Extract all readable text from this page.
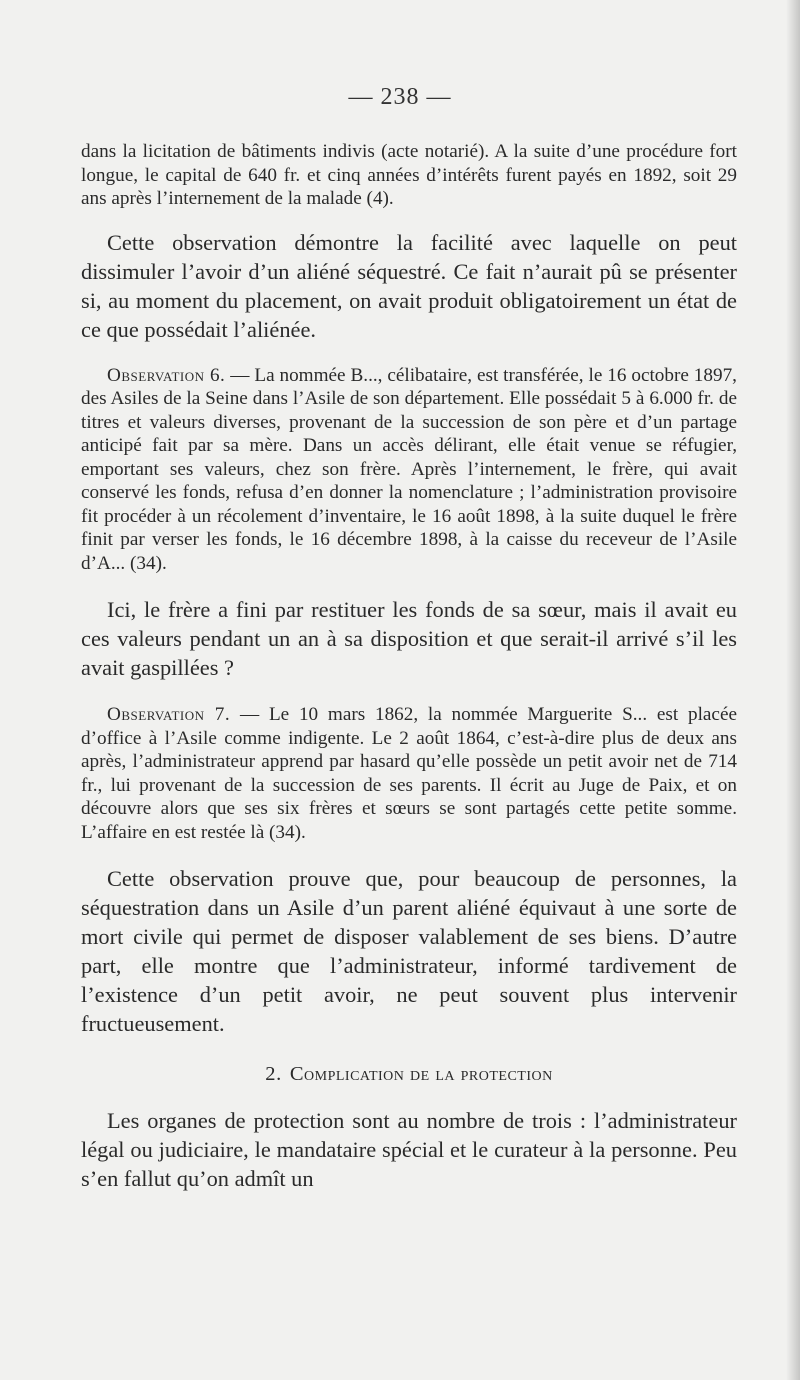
— 238 —

dans la licitation de bâtiments indivis (acte notarié). A la suite d’une procédure fort longue, le capital de 640 fr. et cinq années d’intérêts furent payés en 1892, soit 29 ans après l’internement de la malade (4).

Cette observation démontre la facilité avec laquelle on peut dissimuler l’avoir d’un aliéné séquestré. Ce fait n’aurait pû se présenter si, au moment du placement, on avait produit obligatoirement un état de ce que possédait l’aliénée.

Observation 6. — La nommée B..., célibataire, est transférée, le 16 octobre 1897, des Asiles de la Seine dans l’Asile de son département. Elle possédait 5 à 6.000 fr. de titres et valeurs diverses, provenant de la succession de son père et d’un partage anticipé fait par sa mère. Dans un accès délirant, elle était venue se réfugier, emportant ses valeurs, chez son frère. Après l’internement, le frère, qui avait conservé les fonds, refusa d’en donner la nomenclature ; l’administration provisoire fit procéder à un récolement d’inventaire, le 16 août 1898, à la suite duquel le frère finit par verser les fonds, le 16 décembre 1898, à la caisse du receveur de l’Asile d’A... (34).

Ici, le frère a fini par restituer les fonds de sa sœur, mais il avait eu ces valeurs pendant un an à sa disposition et que serait-il arrivé s’il les avait gaspillées ?

Observation 7. — Le 10 mars 1862, la nommée Marguerite S... est placée d’office à l’Asile comme indigente. Le 2 août 1864, c’est-à-dire plus de deux ans après, l’administrateur apprend par hasard qu’elle possède un petit avoir net de 714 fr., lui provenant de la succession de ses parents. Il écrit au Juge de Paix, et on découvre alors que ses six frères et sœurs se sont partagés cette petite somme. L’affaire en est restée là (34).

Cette observation prouve que, pour beaucoup de personnes, la séquestration dans un Asile d’un parent aliéné équivaut à une sorte de mort civile qui permet de disposer valablement de ses biens. D’autre part, elle montre que l’administrateur, informé tardivement de l’existence d’un petit avoir, ne peut souvent plus intervenir fructueusement.

2. Complication de la protection

Les organes de protection sont au nombre de trois : l’administrateur légal ou judiciaire, le mandataire spécial et le curateur à la personne. Peu s’en fallut qu’on admît un
